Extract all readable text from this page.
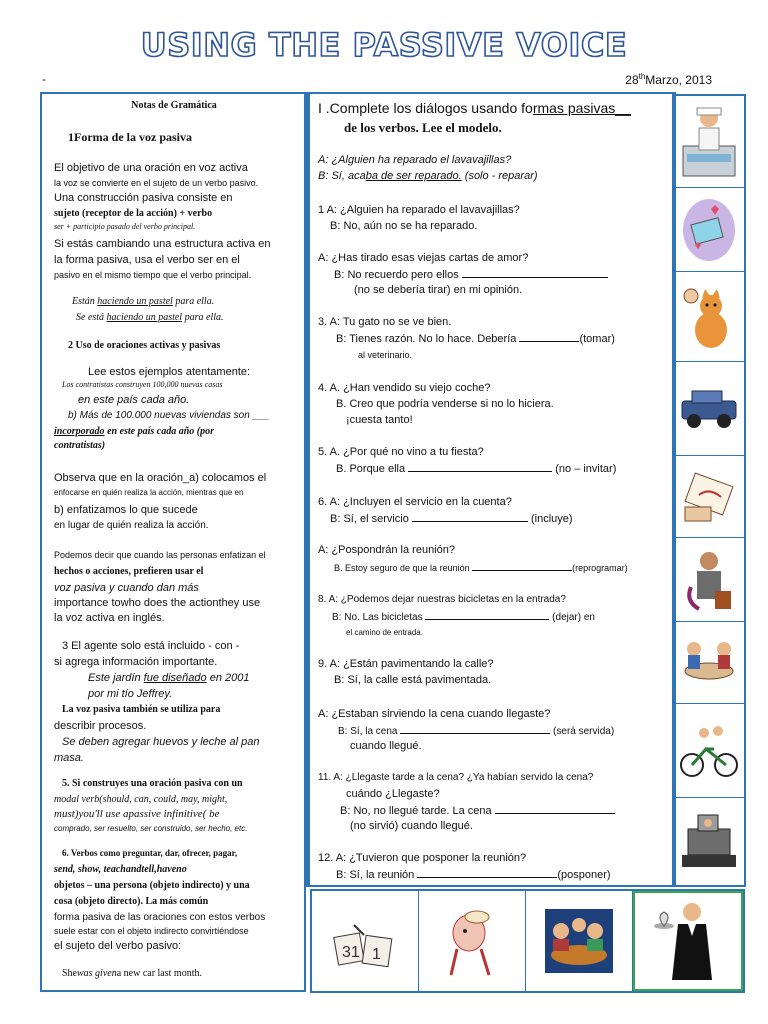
USING THE PASSIVE VOICE
-	28thMarzo, 2013
Notas de Gramática
1Forma de la voz pasiva
El objetivo de una oración en voz activa
la voz se convierte en el sujeto de un verbo pasivo.
Una construcción pasiva consiste en
sujeto (receptor de la acción) + verbo
ser + participio pasado del verbo principal.
Si estás cambiando una estructura activa en
la forma pasiva, usa el verbo ser en el
pasivo en el mismo tiempo que el verbo principal.
Están haciendo un pastel para ella.
Se está haciendo un pastel para ella.
2 Uso de oraciones activas y pasivas
Lee estos ejemplos atentamente:
Los contratistas construyen 100,000 nuevas casas
en este país cada año.
b) Más de 100.000 nuevas viviendas son ___
incorporado en este país cada año (por
contratistas)
Observa que en la oración_a) colocamos el
enfocarse en quién realiza la acción, mientras que en
b) enfatizamos lo que sucede
en lugar de quién realiza la acción.
Podemos decir que cuando las personas enfatizan el
hechos o acciones, prefieren usar el
voz pasiva y cuando dan más
importance towho does the actionthey use
la voz activa en inglés.
3 El agente solo está incluido - con -
si agrega información importante.
Este jardín fue diseñado en 2001
por mi tío Jeffrey.
La voz pasiva también se utiliza para
describir procesos.
Se deben agregar huevos y leche al pan
masa.
5. Si construyes una oración pasiva con un
modal verb(should, can, could, may, might,
must)you'll use apassive infinitive( be
comprado, ser resuelto, ser construido, ser hecho, etc.
6. Verbos como preguntar, dar, ofrecer, pagar,
send, show, teachandtell,haveno
objetos – una persona (objeto indirecto) y una
cosa (objeto directo). La más común
forma pasiva de las oraciones con estos verbos
suele estar con el objeto indirecto convirtiéndose
el sujeto del verbo pasivo:
Shewas givena new car last month.
I .Complete los diálogos usando formas pasivas__
de los verbos. Lee el modelo.
A: ¿Alguien ha reparado el lavavajillas?
B: Sí, acaba de ser reparado. (solo - reparar)
1 A: ¿Alguien ha reparado el lavavajillas?
B: No, aún no se ha reparado.
A: ¿Has tirado esas viejas cartas de amor?
B: No recuerdo pero ellos
(no se debería tirar) en mi opinión.
3. A: Tu gato no se ve bien.
B: Tienes razón. No lo hace. Debería	(tomar)
al veterinario.
4. A. ¿Han vendido su viejo coche?
B. Creo que podría venderse si no lo hiciera.
¡cuesta tanto!
5. A. ¿Por qué no vino a tu fiesta?
B. Porque ella	(no – invitar)
6. A: ¿Incluyen el servicio en la cuenta?
B: Sí, el servicio	(incluye)
A: ¿Pospondrán la reunión?
B. Estoy seguro de que la reunión	(reprogramar)
8. A: ¿Podemos dejar nuestras bicicletas en la entrada?
B: No. Las bicicletas	(dejar) en
el camino de entrada.
9. A: ¿Están pavimentando la calle?
B: Sí, la calle está pavimentada.
A: ¿Estaban sirviendo la cena cuando llegaste?
B: Sí, la cena	(será servida)
cuando llegué.
11. A: ¿Llegaste tarde a la cena? ¿Ya habían servido la cena?
cuándo ¿Llegaste?
B: No, no llegué tarde. La cena
(no sirvió) cuando llegué.
12. A: ¿Tuvieron que posponer la reunión?
B: Sí, la reunión	(posponer)
31 1
